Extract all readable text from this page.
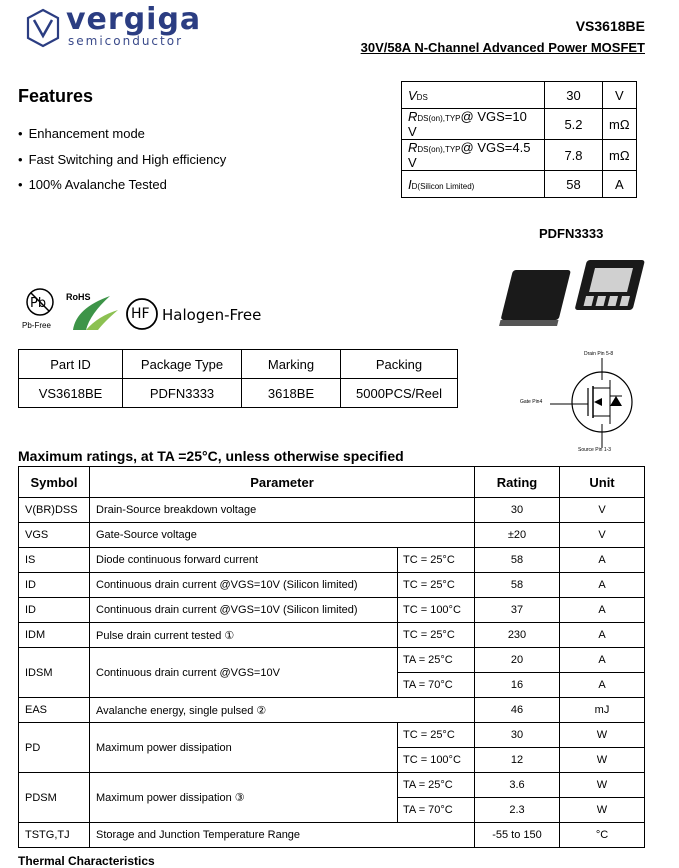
vergiga
semiconductor
VS3618BE
30V/58A N-Channel Advanced Power MOSFET
Features
• Enhancement mode
• Fast Switching and High efficiency
• 100% Avalanche Tested
VDS	30	V
RDS(on),TYP@ VGS=10 V	5.2	mΩ
RDS(on),TYP@ VGS=4.5 V	7.8	mΩ
ID(Silicon Limited)	58	A
PDFN3333
Drain Pin 5-8
Gate Pin4
Source Pin 1-3
Pb
Pb-Free
RoHS
HF Halogen-Free
Part ID	Package Type	Marking	Packing
VS3618BE	PDFN3333	3618BE	5000PCS/Reel
Maximum ratings, at TA =25°C, unless otherwise specified
Symbol	Parameter		Rating	Unit
V(BR)DSS	Drain-Source breakdown voltage		30	V
VGS	Gate-Source voltage		±20	V
IS	Diode continuous forward current	TC = 25°C	58	A
ID	Continuous drain current @VGS=10V (Silicon limited)	TC = 25°C	58	A
ID	Continuous drain current @VGS=10V (Silicon limited)	TC = 100°C	37	A
IDM	Pulse drain current tested ①	TC = 25°C	230	A
IDSM	Continuous drain current @VGS=10V	TA = 25°C	20	A
		TA = 70°C	16	A
EAS	Avalanche energy, single pulsed ②		46	mJ
PD	Maximum power dissipation	TC = 25°C	30	W
		TC = 100°C	12	W
PDSM	Maximum power dissipation ③	TA = 25°C	3.6	W
		TA = 70°C	2.3	W
TSTG,TJ	Storage and Junction Temperature Range		-55 to 150	°C
Thermal Characteristics
